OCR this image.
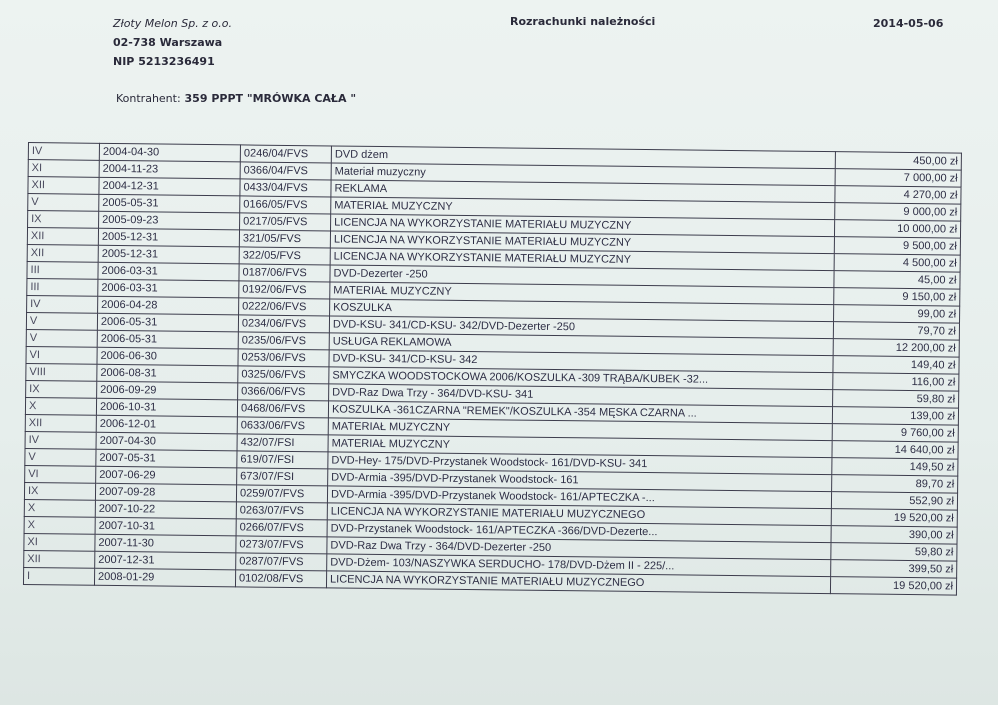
Złoty Melon Sp. z o.o.
02-738 Warszawa
NIP 5213236491
Rozrachunki należności	2014-05-06
Kontrahent: 359 PPPT "MRÓWKA CAŁA "
IV	2004-04-30	0246/04/FVS	DVD dżem	450,00 zł
XI	2004-11-23	0366/04/FVS	Materiał muzyczny	7 000,00 zł
XII	2004-12-31	0433/04/FVS	REKLAMA	4 270,00 zł
V	2005-05-31	0166/05/FVS	MATERIAŁ MUZYCZNY	9 000,00 zł
IX	2005-09-23	0217/05/FVS	LICENCJA NA WYKORZYSTANIE MATERIAŁU MUZYCZNY	10 000,00 zł
XII	2005-12-31	321/05/FVS	LICENCJA NA WYKORZYSTANIE MATERIAŁU MUZYCZNY	9 500,00 zł
XII	2005-12-31	322/05/FVS	LICENCJA NA WYKORZYSTANIE MATERIAŁU MUZYCZNY	4 500,00 zł
III	2006-03-31	0187/06/FVS	DVD-Dezerter -250	45,00 zł
III	2006-03-31	0192/06/FVS	MATERIAŁ MUZYCZNY	9 150,00 zł
IV	2006-04-28	0222/06/FVS	KOSZULKA	99,00 zł
V	2006-05-31	0234/06/FVS	DVD-KSU- 341/CD-KSU- 342/DVD-Dezerter -250	79,70 zł
V	2006-05-31	0235/06/FVS	USŁUGA REKLAMOWA	12 200,00 zł
VI	2006-06-30	0253/06/FVS	DVD-KSU- 341/CD-KSU- 342	149,40 zł
VIII	2006-08-31	0325/06/FVS	SMYCZKA WOODSTOCKOWA 2006/KOSZULKA -309 TRĄBA/KUBEK -32...	116,00 zł
IX	2006-09-29	0366/06/FVS	DVD-Raz Dwa Trzy - 364/DVD-KSU- 341	59,80 zł
X	2006-10-31	0468/06/FVS	KOSZULKA -361CZARNA "REMEK"/KOSZULKA -354 MĘSKA CZARNA ...	139,00 zł
XII	2006-12-01	0633/06/FVS	MATERIAŁ MUZYCZNY	9 760,00 zł
IV	2007-04-30	432/07/FSI	MATERIAŁ MUZYCZNY	14 640,00 zł
V	2007-05-31	619/07/FSI	DVD-Hey- 175/DVD-Przystanek Woodstock- 161/DVD-KSU- 341	149,50 zł
VI	2007-06-29	673/07/FSI	DVD-Armia -395/DVD-Przystanek Woodstock- 161	89,70 zł
IX	2007-09-28	0259/07/FVS	DVD-Armia -395/DVD-Przystanek Woodstock- 161/APTECZKA -...	552,90 zł
X	2007-10-22	0263/07/FVS	LICENCJA NA WYKORZYSTANIE MATERIAŁU MUZYCZNEGO	19 520,00 zł
X	2007-10-31	0266/07/FVS	DVD-Przystanek Woodstock- 161/APTECZKA -366/DVD-Dezerte...	390,00 zł
XI	2007-11-30	0273/07/FVS	DVD-Raz Dwa Trzy - 364/DVD-Dezerter -250	59,80 zł
XII	2007-12-31	0287/07/FVS	DVD-Dżem- 103/NASZYWKA SERDUCHO- 178/DVD-Dżem II - 225/...	399,50 zł
I	2008-01-29	0102/08/FVS	LICENCJA NA WYKORZYSTANIE MATERIAŁU MUZYCZNEGO	19 520,00 zł
